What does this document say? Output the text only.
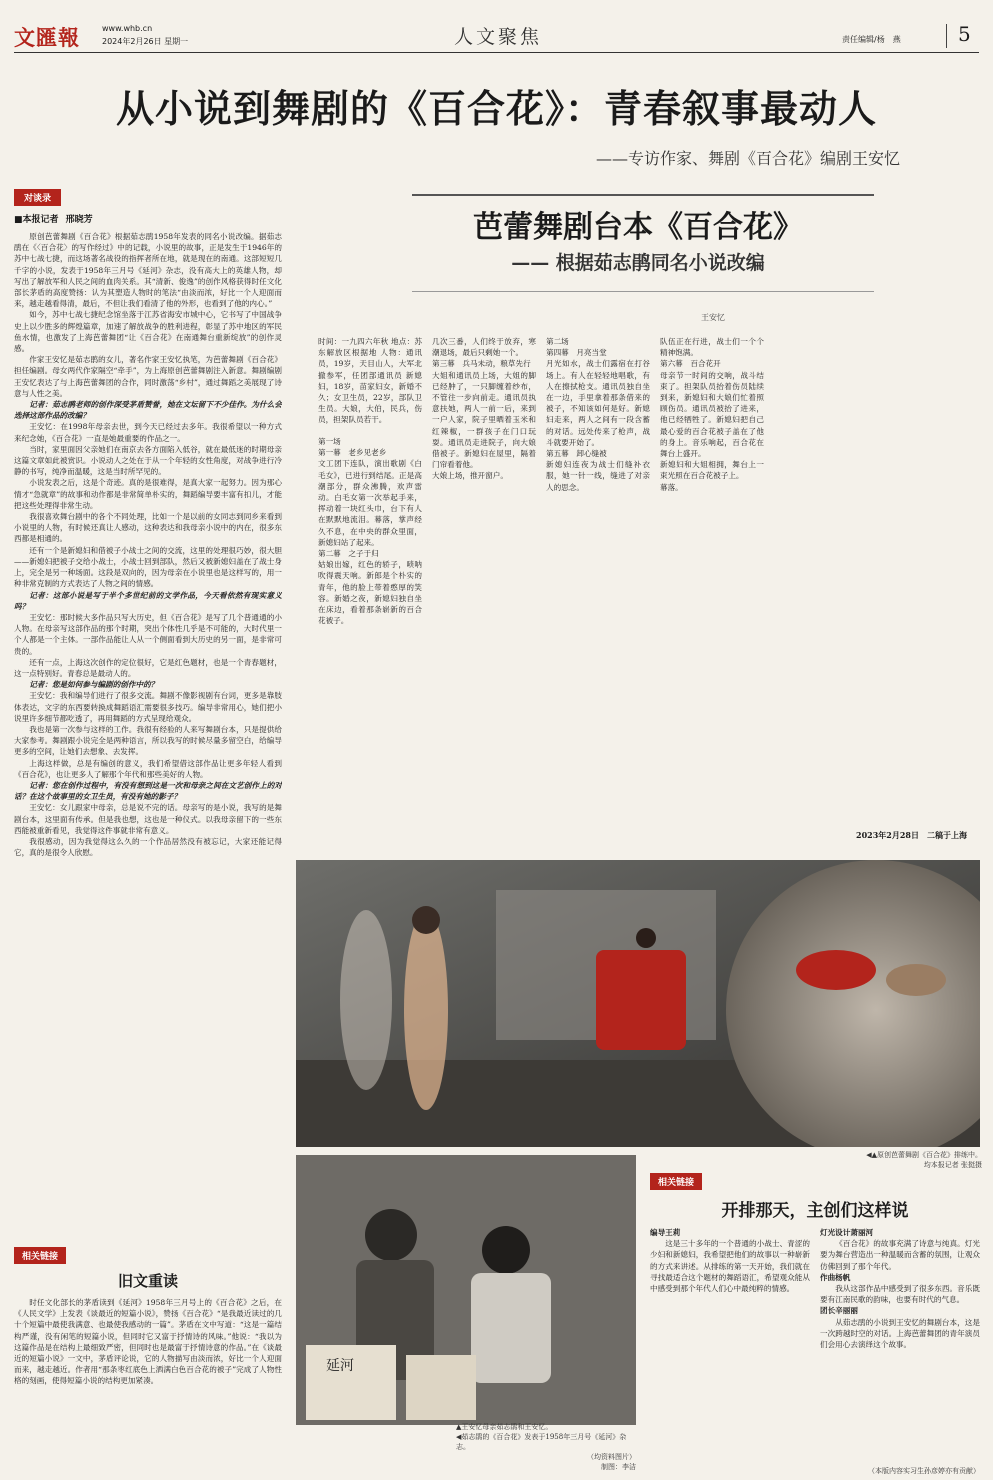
文匯報	www.whb.cn
2024年2月26日 星期一	人文聚焦	责任编辑/杨　燕	5
从小说到舞剧的《百合花》：青春叙事最动人
——专访作家、舞剧《百合花》编剧王安忆
对谈录
■本报记者 邢晓芳

原创芭蕾舞剧《百合花》根据茹志鹃1958年发表的同名小说改编。据茹志鹃在《〈百合花〉的写作经过》中的记载，小说里的故事，正是发生于1946年的苏中七战七捷，而这场著名战役的指挥者所在地，就是现在的南通。这部短短几千字的小说，发表于1958年三月号《延河》杂志，没有高大上的英雄人物，却写出了解放军和人民之间的血肉关系。其“清新、俊逸”的创作风格获得时任文化部长茅盾的高度赞扬：认为其塑造人物时的笔法“由淡而浓，好比一个人迎面而来，越走越看得清，最后，不但让我们看清了他的外形，也看到了他的内心。”

如今，苏中七战七捷纪念馆坐落于江苏省海安市城中心，它书写了中国战争史上以少胜多的辉煌篇章，加速了解放战争的胜利进程，彰显了苏中地区的军民鱼水情，也激发了上海芭蕾舞团“让《百合花》在南通舞台重新绽放”的创作灵感。

作家王安忆是茹志鹃的女儿，著名作家王安忆执笔，为芭蕾舞剧《百合花》担任编剧。母女两代作家隔空“牵手”，为上海原创芭蕾舞剧注入新意。舞剧编剧王安忆表达了与上海芭蕾舞团的合作，同时激荡“乡村”，通过舞蹈之美展现了诗意与人性之美。

记者：茹志鹃老师的创作深受茅盾赞誉，她在文坛留下不少佳作。为什么会选择这部作品的改编？

王安忆：在1998年母亲去世，到今天已经过去多年。我很希望以一种方式来纪念她，《百合花》一直是她最重要的作品之一。

当时，家里面因父亲她们在南京去各方面陷入低谷，就在最低迷的时期母亲这篇文章如此被赏识。小说动人之处在于从一个年轻的女性角度，对战争进行冷静的书写，纯净而温暖，这是当时所罕见的。

小说发表之后，这是个奇迹。真的是很难得，是真大家一起努力。因为那心情才“急就章”的故事和动作都是非常简单朴实的，舞蹈编导要丰富有扣儿，才能把这些处理得非常生动。

我很喜欢舞台剧中的各个不同处理，比如一个是以前的女同志到同乡来看到小说里的人物，有时候还真让人感动，这种表达和我母亲小说中的内在，很多东西都是相通的。

还有一个是新媳妇和借被子小战士之间的交流，这里的处理很巧妙，很大胆——新媳妇把被子交给小战士，小战士回到部队，然后又被新媳妇盖在了战士身上，完全是另一种场面。这段是双向的，因为母亲在小说里也是这样写的，用一种非常克制的方式表达了人物之间的情感。

记者：这部小说是写于半个多世纪前的文学作品，今天看依然有现实意义吗？

王安忆：那时候大多作品只写大历史，但《百合花》是写了几个普通通的小人物。在母亲写这部作品的那个时期，突出个体性几乎是不可能的，大时代里一个人都是一个主体。一部作品能让人从一个侧面看到大历史的另一面，是非常可贵的。

还有一点，上海这次创作的定位很好，它是红色题材，也是一个青春题材，这一点特别好。青春总是最动人的。

记者：您是如何参与编剧的创作中的？

王安忆：我和编导们进行了很多交流。舞剧不像影视剧有台词，更多是靠肢体表达，文字的东西要转换成舞蹈语汇需要很多技巧。编导非常用心，她们把小说里许多细节都吃透了，再用舞蹈的方式呈现给观众。

我也是第一次参与这样的工作。我很有经验的人来写舞剧台本，只是提供给大家参考。舞剧跟小说完全是两种语言，所以我写的时候尽量多留空白，给编导更多的空间，让她们去想象、去发挥。

上海这样做，总是有编创的意义，我们希望借这部作品让更多年轻人看到《百合花》，也让更多人了解那个年代和那些美好的人物。

记者：您在创作过程中，有没有想到这是一次和母亲之间在文艺创作上的对话？在这个故事里的女卫生员，有没有她的影子？

王安忆：女儿跟家中母亲，总是说不完的话。母亲写的是小说，我写的是舞剧台本，这里面有传承。但是我也想，这也是一种仪式。以我母亲留下的一些东西能被重新看见，我觉得这件事就非常有意义。

我很感动，因为我觉得这么久的一个作品居然没有被忘记，大家还能记得它，真的是很令人欣慰。

芭蕾舞剧台本《百合花》
—— 根据茹志鹃同名小说改编
王安忆
时间：一九四六年秋 地点：苏东解放区根据地 人物：通讯员，19岁，天目山人，大军北撤参军，任团部通讯员 新媳妇，18岁，苗家妇女，新婚不久；女卫生员，22岁，部队卫生员。大娘，大伯，民兵，伤员，担架队员若干。
第一场
第一幕　老乡见老乡
文工团下连队，演出歌剧《白毛女》，已进行到结尾。正是高潮部分，群众沸腾，欢声雷动。白毛女第一次举起手来，挥动着一块红头巾，台下有人在默默地流泪。幕落，掌声经久不息，在中央的群众里面，新媳妇站了起来。
第二幕　之子于归
姑娘出嫁，红色的轿子，唢呐吹得震天响。新郎是个朴实的青年，他的脸上带着憨厚的笑容。新婚之夜，新媳妇独自坐在床边，看着那条崭新的百合花被子。
几次三番，人们终于放弃，寒潮退场，最后只剩她一个。
第三幕　兵马未动，粮草先行
大姐和通讯员上场，大姐的脚已经肿了，一只脚缠着纱布，不管往一步向前走。通讯员执意扶她，两人一前一后，来到一户人家，院子里晒着玉米和红辣椒，一群孩子在门口玩耍。通讯员走进院子，向大娘借被子。新媳妇在屋里，隔着门帘看着他。
大娘上场，推开窗户。
第二场
第四幕　月亮当堂
月光如水，战士们露宿在打谷场上。有人在轻轻地唱歌，有人在擦拭枪支。通讯员独自坐在一边，手里拿着那条借来的被子，不知该如何是好。新媳妇走来，两人之间有一段含蓄的对话。远处传来了枪声，战斗就要开始了。
第五幕　卸心缝被
新媳妇连夜为战士们缝补衣服，她一针一线，缝进了对亲人的思念。
队伍正在行进，战士们一个个精神饱满。
第六幕　百合花开
母亲节一时间的交响，战斗结束了。担架队员抬着伤员陆续到来，新媳妇和大娘们忙着照顾伤员。通讯员被抬了进来，他已经牺牲了。新媳妇把自己最心爱的百合花被子盖在了他的身上。音乐响起，百合花在舞台上盛开。
新媳妇和大姐相拥，舞台上一束光照在百合花被子上。
幕落。
2023年2月28日　二稿于上海
相关链接
旧文重读

时任文化部长的茅盾读到《延河》1958年三月号上的《百合花》之后，在《人民文学》上发表《谈最近的短篇小说》，赞扬《百合花》“是我最近读过的几十个短篇中最使我满意、也最使我感动的一篇”。茅盾在文中写道：“这是一篇结构严谨，没有闲笔的短篇小说，但同时它又富于抒情诗的风味。”他说：“我以为这篇作品是在结构上最细致严密，但同时也是最富于抒情诗意的作品。”在《谈最近的短篇小说》一文中，茅盾评论说，它的人物描写由淡而浓，好比一个人迎面而来，越走越近。作者用“那条枣红底色上洒满白色百合花的被子”完成了人物性格的刻画，使得短篇小说的结构更加紧凑。

延河
▲王安忆母亲茹志鹃和王安忆。
◀茹志鹃的《百合花》发表于1958年三月号《延河》杂志。
（均资料图片）
制图：李洁
◀▲原创芭蕾舞剧《百合花》排练中。
均本报记者 张挺摄
相关链接
开排那天，主创们这样说
编导王莉

这是三十多年的一个普通的小战士、青涩的少妇和新媳妇，我希望把他们的故事以一种崭新的方式来讲述。从排练的第一天开始，我们就在寻找最适合这个题材的舞蹈语汇，希望观众能从中感受到那个年代人们心中最纯粹的情感。

灯光设计萧丽河

《百合花》的故事充满了诗意与纯真。灯光要为舞台营造出一种温暖而含蓄的氛围，让观众仿佛回到了那个年代。

作曲杨帆

我从这部作品中感受到了很多东西。音乐既要有江南民歌的韵味，也要有时代的气息。

团长辛丽丽

从茹志鹃的小说到王安忆的舞剧台本，这是一次跨越时空的对话。上海芭蕾舞团的青年演员们会用心去演绎这个故事。

（本版内容实习生孙彦婷亦有贡献）
